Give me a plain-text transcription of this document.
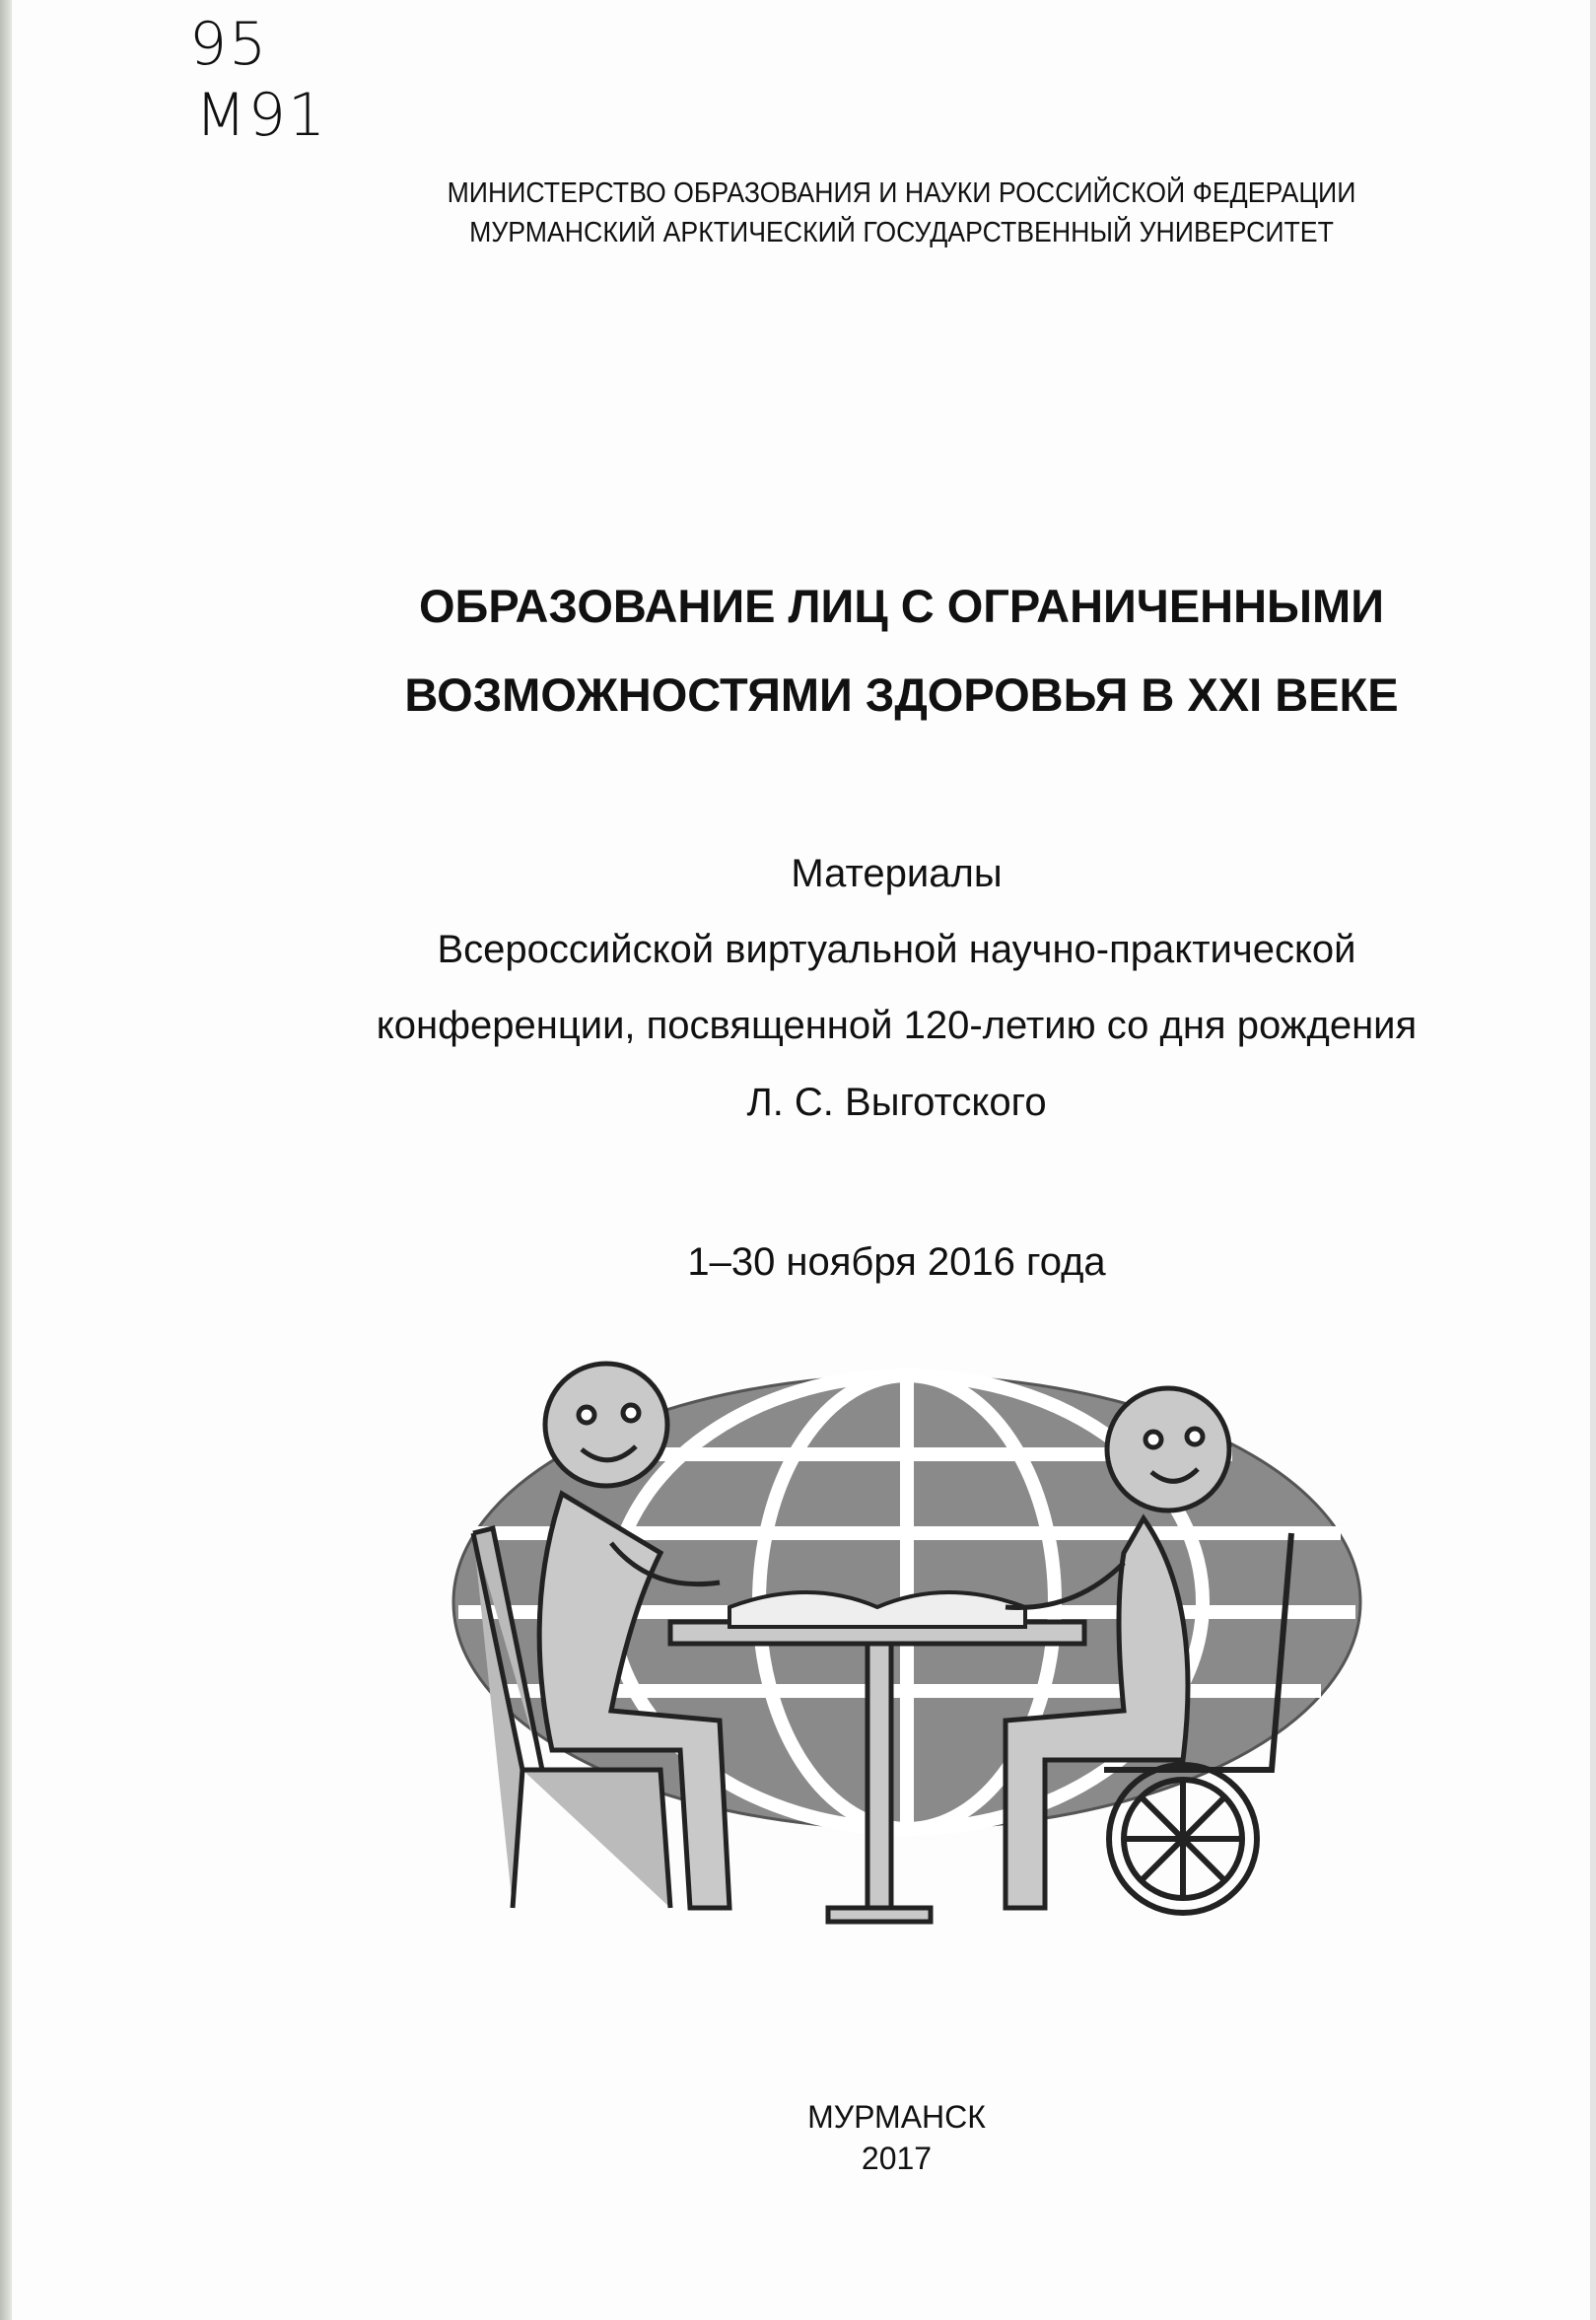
95
М91
МИНИСТЕРСТВО ОБРАЗОВАНИЯ И НАУКИ РОССИЙСКОЙ ФЕДЕРАЦИИ
МУРМАНСКИЙ АРКТИЧЕСКИЙ ГОСУДАРСТВЕННЫЙ УНИВЕРСИТЕТ
ОБРАЗОВАНИЕ ЛИЦ С ОГРАНИЧЕННЫМИ
ВОЗМОЖНОСТЯМИ ЗДОРОВЬЯ В XXI ВЕКЕ
Материалы
Всероссийской виртуальной научно-практической
конференции, посвященной 120-летию со дня рождения
Л. С. Выготского
1–30 ноября 2016 года
МУРМАНСК
2017
